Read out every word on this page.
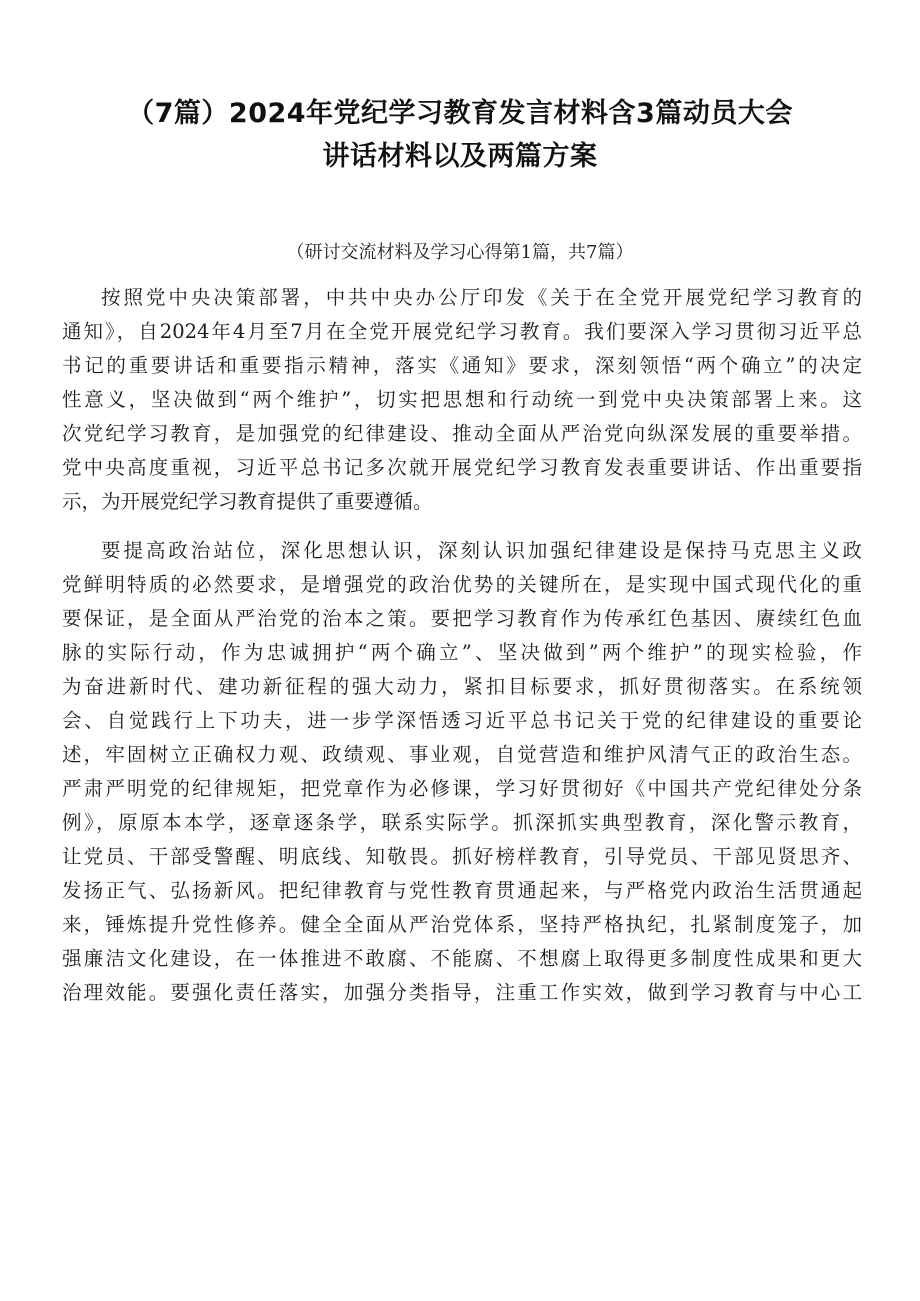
（7篇）2024年党纪学习教育发言材料含3篇动员大会
讲话材料以及两篇方案
（研讨交流材料及学习心得第1篇，共7篇）
按照党中央决策部署，中共中央办公厅印发《关于在全党开展党纪学习教育的
通知》，自2024年4月至7月在全党开展党纪学习教育。我们要深入学习贯彻习近平总
书记的重要讲话和重要指示精神，落实《通知》要求，深刻领悟“两个确立”的决定
性意义，坚决做到“两个维护”，切实把思想和行动统一到党中央决策部署上来。这
次党纪学习教育，是加强党的纪律建设、推动全面从严治党向纵深发展的重要举措。
党中央高度重视，习近平总书记多次就开展党纪学习教育发表重要讲话、作出重要指
示，为开展党纪学习教育提供了重要遵循。
要提高政治站位，深化思想认识，深刻认识加强纪律建设是保持马克思主义政
党鲜明特质的必然要求，是增强党的政治优势的关键所在，是实现中国式现代化的重
要保证，是全面从严治党的治本之策。要把学习教育作为传承红色基因、赓续红色血
脉的实际行动，作为忠诚拥护“两个确立”、坚决做到”两个维护”的现实检验，作
为奋进新时代、建功新征程的强大动力，紧扣目标要求，抓好贯彻落实。在系统领
会、自觉践行上下功夫，进一步学深悟透习近平总书记关于党的纪律建设的重要论
述，牢固树立正确权力观、政绩观、事业观，自觉营造和维护风清气正的政治生态。
严肃严明党的纪律规矩，把党章作为必修课，学习好贯彻好《中国共产党纪律处分条
例》，原原本本学，逐章逐条学，联系实际学。抓深抓实典型教育，深化警示教育，
让党员、干部受警醒、明底线、知敬畏。抓好榜样教育，引导党员、干部见贤思齐、
发扬正气、弘扬新风。把纪律教育与党性教育贯通起来，与严格党内政治生活贯通起
来，锤炼提升党性修养。健全全面从严治党体系，坚持严格执纪，扎紧制度笼子，加
强廉洁文化建设，在一体推进不敢腐、不能腐、不想腐上取得更多制度性成果和更大
治理效能。要强化责任落实，加强分类指导，注重工作实效，做到学习教育与中心工
